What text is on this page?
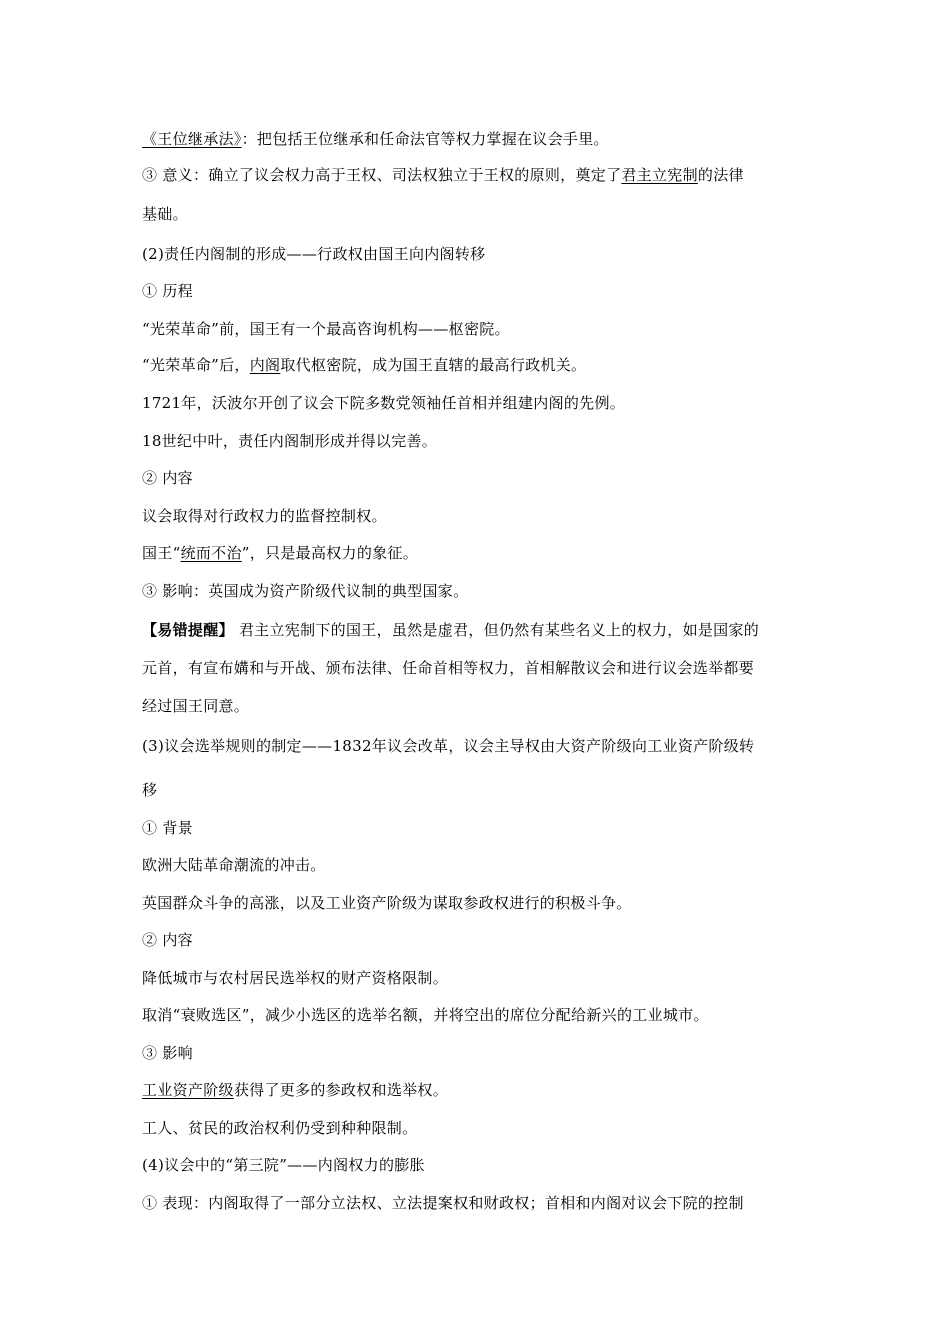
《王位继承法》：把包括王位继承和任命法官等权力掌握在议会手里。
③ 意义：确立了议会权力高于王权、司法权独立于王权的原则，奠定了君主立宪制的法律
基础。
(2)责任内阁制的形成——行政权由国王向内阁转移
① 历程
“光荣革命”前，国王有一个最高咨询机构——枢密院。
“光荣革命”后，内阁取代枢密院，成为国王直辖的最高行政机关。
1721年，沃波尔开创了议会下院多数党领袖任首相并组建内阁的先例。
18世纪中叶，责任内阁制形成并得以完善。
② 内容
议会取得对行政权力的监督控制权。
国王“统而不治”，只是最高权力的象征。
③ 影响：英国成为资产阶级代议制的典型国家。
【易错提醒】 君主立宪制下的国王，虽然是虚君，但仍然有某些名义上的权力，如是国家的
元首，有宣布媾和与开战、颁布法律、任命首相等权力，首相解散议会和进行议会选举都要
经过国王同意。
(3)议会选举规则的制定——1832年议会改革，议会主导权由大资产阶级向工业资产阶级转
移
① 背景
欧洲大陆革命潮流的冲击。
英国群众斗争的高涨，以及工业资产阶级为谋取参政权进行的积极斗争。
② 内容
降低城市与农村居民选举权的财产资格限制。
取消“衰败选区”，减少小选区的选举名额，并将空出的席位分配给新兴的工业城市。
③ 影响
工业资产阶级获得了更多的参政权和选举权。
工人、贫民的政治权利仍受到种种限制。
(4)议会中的“第三院”——内阁权力的膨胀
① 表现：内阁取得了一部分立法权、立法提案权和财政权；首相和内阁对议会下院的控制
